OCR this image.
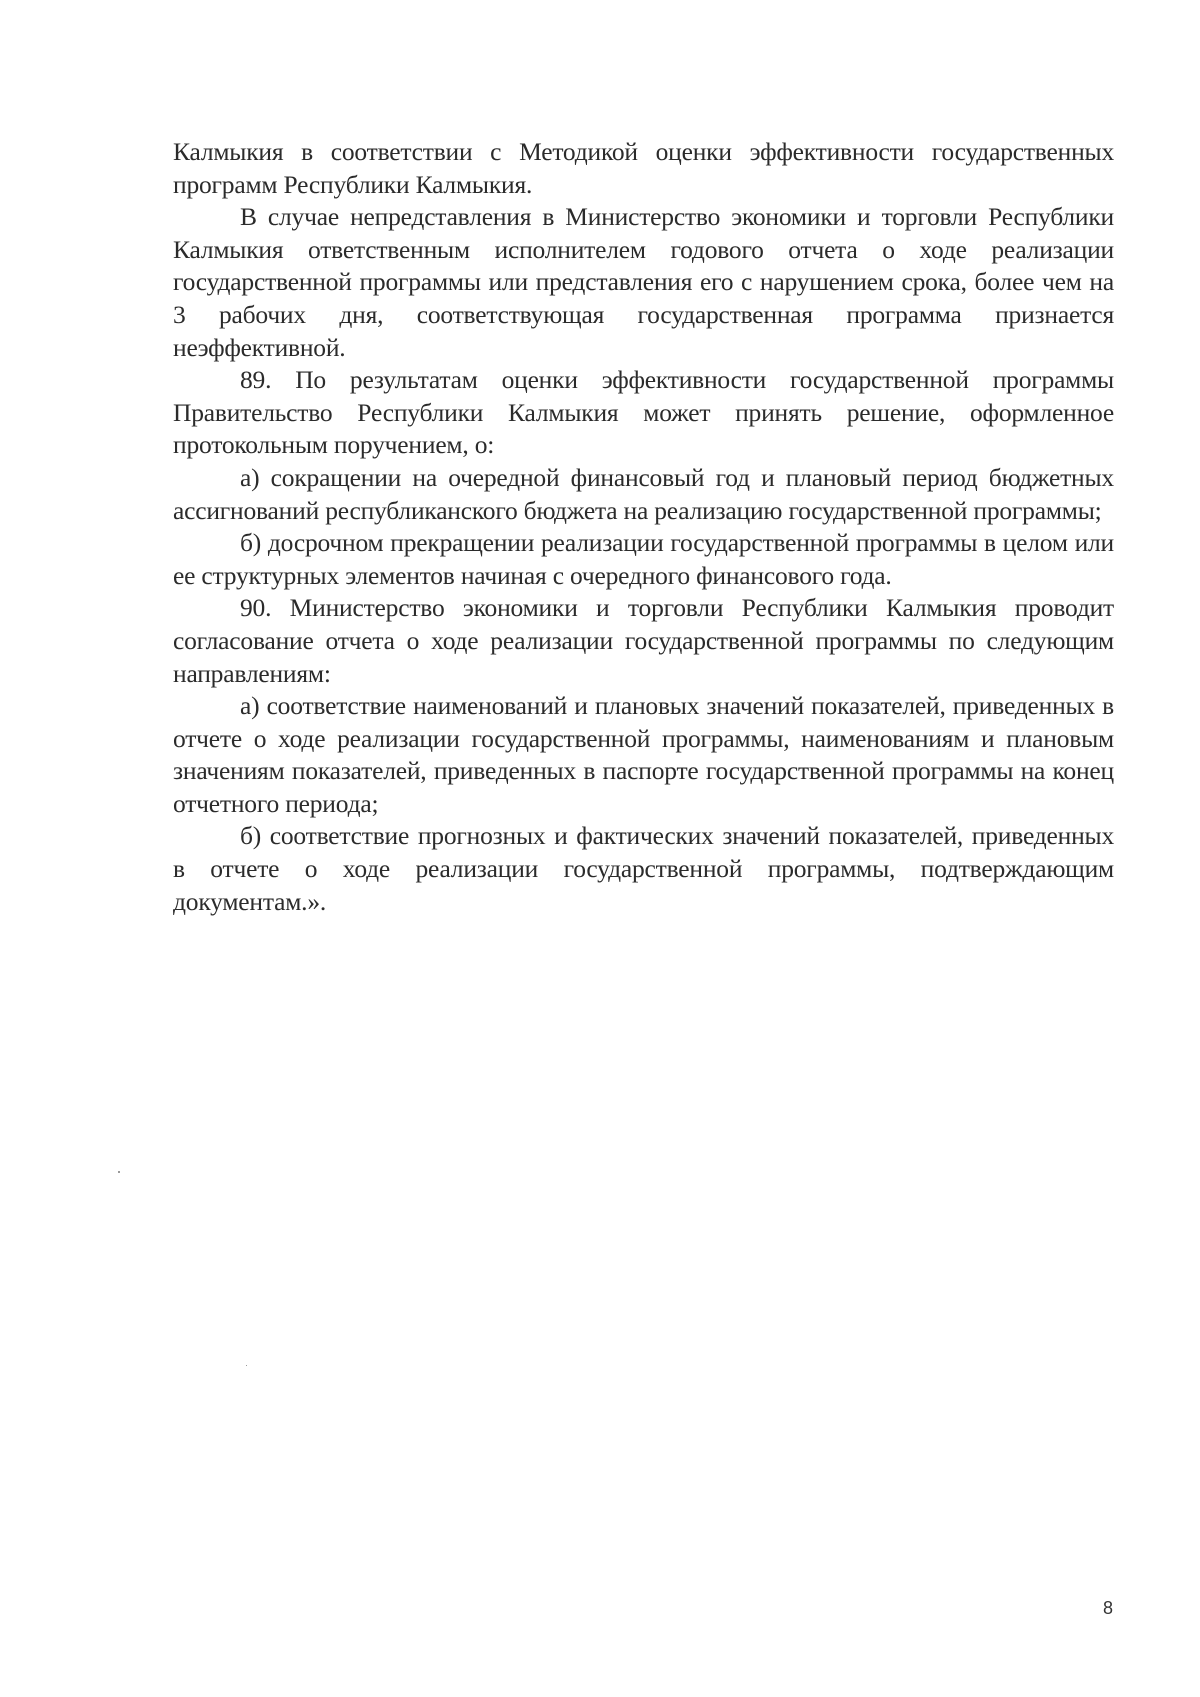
Калмыкия в соответствии с Методикой оценки эффективности государственных программ Республики Калмыкия.

В случае непредставления в Министерство экономики и торговли Республики Калмыкия ответственным исполнителем годового отчета о ходе реализации государственной программы или представления его с нарушением срока, более чем на 3 рабочих дня, соответствующая государственная программа признается неэффективной.

89. По результатам оценки эффективности государственной программы Правительство Республики Калмыкия может принять решение, оформленное протокольным поручением, о:

а) сокращении на очередной финансовый год и плановый период бюджетных ассигнований республиканского бюджета на реализацию государственной программы;

б) досрочном прекращении реализации государственной программы в целом или ее структурных элементов начиная с очередного финансового года.

90. Министерство экономики и торговли Республики Калмыкия проводит согласование отчета о ходе реализации государственной программы по следующим направлениям:

а) соответствие наименований и плановых значений показателей, приведенных в отчете о ходе реализации государственной программы, наименованиям и плановым значениям показателей, приведенных в паспорте государственной программы на конец отчетного периода;

б) соответствие прогнозных и фактических значений показателей, приведенных в отчете о ходе реализации государственной программы, подтверждающим документам.».

8
